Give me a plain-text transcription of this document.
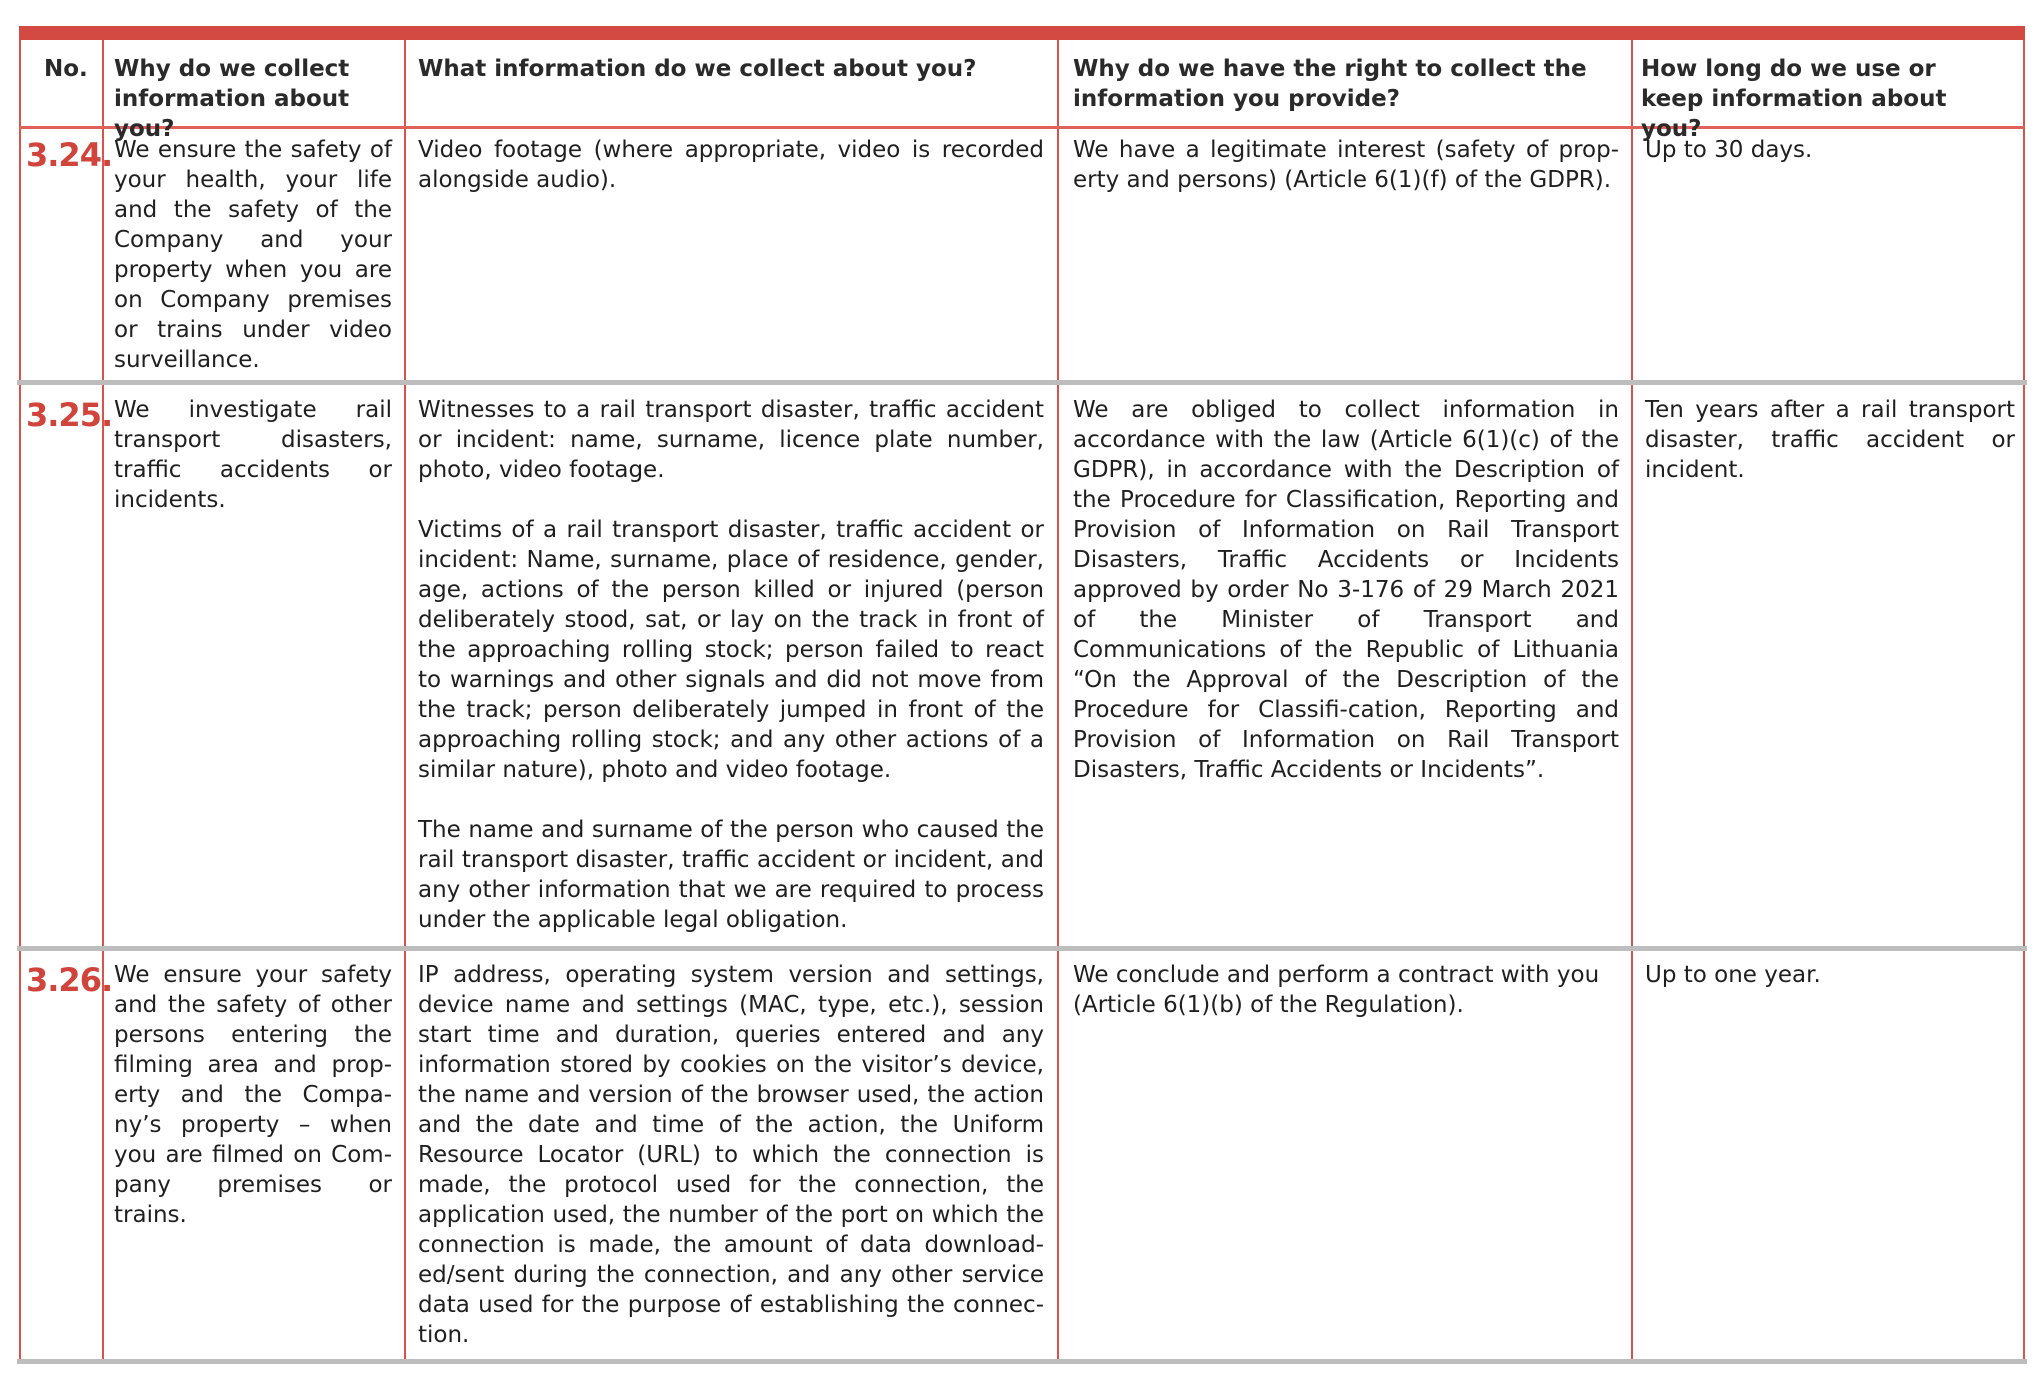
No.	Why do we collect information about you?
What information do we collect about you?	Why do we have the right to collect the information you provide?
How long do we use or keep information about you?
3.24. We ensure the safety of your health, your life and the safety of the Company and your property when you are on Company premises or trains under video surveillance.

Video footage (where appropriate, video is recorded alongside audio).

We have a legitimate interest (safety of prop-erty and persons) (Article 6(1)(f) of the GDPR).
Up to 30 days.
3.25. We investigate rail transport disasters, traffic accidents or incidents.

Witnesses to a rail transport disaster, traffic accident or incident: name, surname, licence plate number, photo, video footage.

Victims of a rail transport disaster, traffic accident or incident: Name, surname, place of residence, gender, age, actions of the person killed or injured (person deliberately stood, sat, or lay on the track in front of the approaching rolling stock; person failed to react to warnings and other signals and did not move from the track; person deliberately jumped in front of the approaching rolling stock; and any other actions of a similar nature), photo and video footage.

The name and surname of the person who caused the rail transport disaster, traffic accident or incident, and any other information that we are required to process under the applicable legal obligation.

We are obliged to collect information in accordance with the law (Article 6(1)(c) of the GDPR), in accordance with the Description of the Procedure for Classification, Reporting and Provision of Information on Rail Transport Disasters, Traffic Accidents or Incidents approved by order No 3-176 of 29 March 2021 of the Minister of Transport and Communications of the Republic of Lithuania “On the Approval of the Description of the Procedure for Classifi-cation, Reporting and Provision of Information on Rail Transport Disasters, Traffic Accidents or Incidents”.
Ten years after a rail transport disaster, traffic accident or incident.
3.26. We ensure your safety and the safety of other persons entering the filming area and prop-erty and the Compa-ny’s property – when you are filmed on Com-pany premises or trains.

IP address, operating system version and settings, device name and settings (MAC, type, etc.), session start time and duration, queries entered and any information stored by cookies on the visitor’s device, the name and version of the browser used, the action and the date and time of the action, the Uniform Resource Locator (URL) to which the connection is made, the protocol used for the connection, the application used, the number of the port on which the connection is made, the amount of data download-ed/sent during the connection, and any other service data used for the purpose of establishing the connec-tion.

We conclude and perform a contract with you (Article 6(1)(b) of the Regulation).
Up to one year.
